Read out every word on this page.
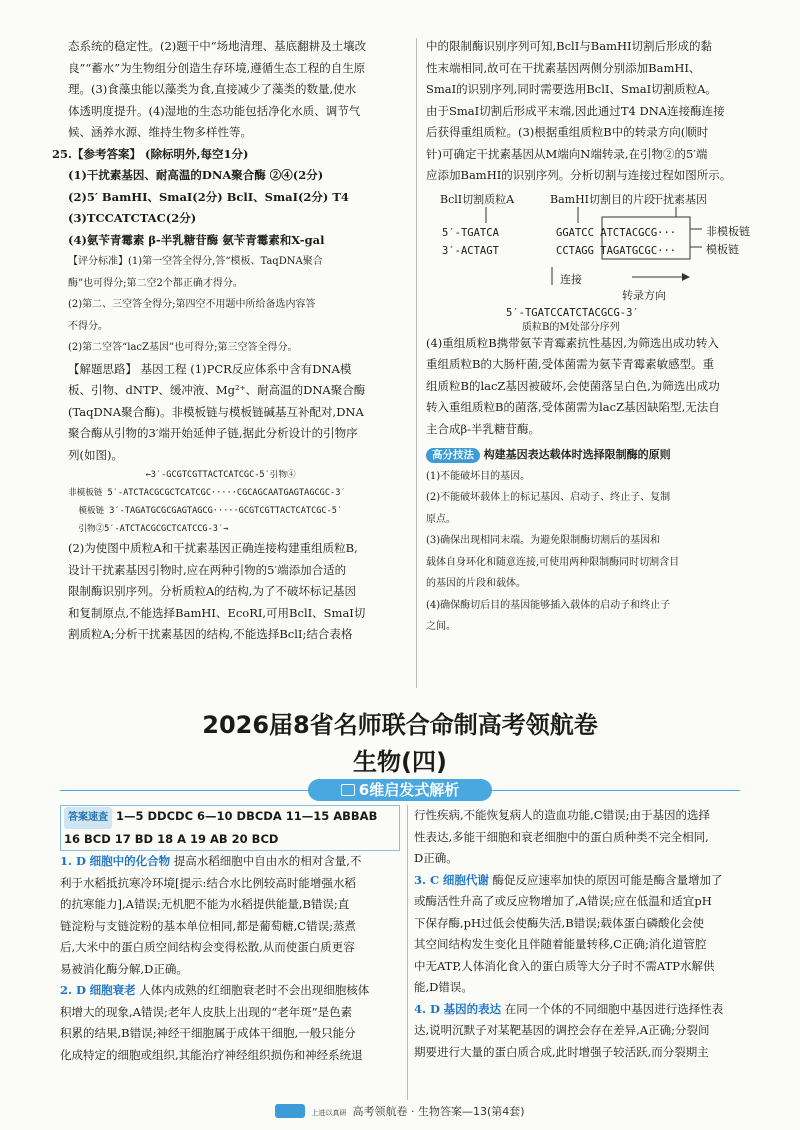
态系统的稳定性。(2)题干中“场地清理、基底翻耕及土壤改

良”“蓄水”为生物组分创造生存环境,遵循生态工程的自生原

理。(3)食藻虫能以藻类为食,直接减少了藻类的数量,使水

体透明度提升。(4)湿地的生态功能包括净化水质、调节气

候、涵养水源、维持生物多样性等。

25.【参考答案】 (除标明外,每空1分)

(1)干扰素基因、耐高温的DNA聚合酶 ②④(2分)

(2)5′ BamHⅠ、SmaⅠ(2分) BclⅠ、SmaⅠ(2分) T4

(3)TCCATCTAC(2分)

(4)氨苄青霉素 β-半乳糖苷酶 氨苄青霉素和X-gal

【评分标准】(1)第一空答全得分,答“模板、TaqDNA聚合

酶”也可得分;第二空2个都正确才得分。

(2)第二、三空答全得分;第四空不用题中所给备选内容答

不得分。

(2)第二空答“lacZ基因”也可得分;第三空答全得分。

【解题思路】 基因工程 (1)PCR反应体系中含有DNA模

板、引物、dNTP、缓冲液、Mg²⁺、耐高温的DNA聚合酶

(TaqDNA聚合酶)。非模板链与模板链碱基互补配对,DNA

聚合酶从引物的3′端开始延伸子链,据此分析设计的引物序

列(如图)。

←3′-GCGTCGTTACTCATCGC-5′引物④
非模板链 5′-ATCTACGCGCTCATCGC·····CGCAGCAATGAGTAGCGC-3′
模板链 3′-TAGATGCGCGAGTAGCG·····GCGTCGTTACTCATCGC-5′
引物②5′-ATCTACGCGCTCATCCG-3′→

(2)为使图中质粒A和干扰素基因正确连接构建重组质粒B,

设计干扰素基因引物时,应在两种引物的5′端添加合适的

限制酶识别序列。分析质粒A的结构,为了不破坏标记基因

和复制原点,不能选择BamHⅠ、EcoRⅠ,可用BclⅠ、SmaⅠ切

割质粒A;分析干扰素基因的结构,不能选择BclⅠ;结合表格

中的限制酶识别序列可知,BclⅠ与BamHⅠ切割后形成的黏

性末端相同,故可在干扰素基因两侧分别添加BamHⅠ、

SmaⅠ的识别序列,同时需要选用BclⅠ、SmaⅠ切割质粒A。

由于SmaⅠ切割后形成平末端,因此通过T4 DNA连接酶连接

后获得重组质粒。(3)根据重组质粒B中的转录方向(顺时

针)可确定干扰素基因从M端向N端转录,在引物②的5′端

应添加BamHⅠ的识别序列。分析切割与连接过程如图所示。

BclⅠ切割质粒A	BamHⅠ切割目的片段
干扰素基因
5′-TGATCA
3′-ACTAGT
GGATCC ATCTACGCG···
CCTAGG TAGATGCGC···
非模板链
模板链
连接
转录方向
5′-TGATCCATCTACGCG-3′
质粒B的M处部分序列

(4)重组质粒B携带氨苄青霉素抗性基因,为筛选出成功转入

重组质粒B的大肠杆菌,受体菌需为氨苄青霉素敏感型。重

组质粒B的lacZ基因被破坏,会使菌落呈白色,为筛选出成功

转入重组质粒B的菌落,受体菌需为lacZ基因缺陷型,无法自

主合成β-半乳糖苷酶。

高分技法 构建基因表达载体时选择限制酶的原则

(1)不能破坏目的基因。

(2)不能破坏载体上的标记基因、启动子、终止子、复制

原点。

(3)确保出现相同末端。为避免限制酶切割后的基因和

载体自身环化和随意连接,可使用两种限制酶同时切割含目

的基因的片段和载体。

(4)确保酶切后目的基因能够插入载体的启动子和终止子

之间。

2026届8省名师联合命制高考领航卷
生物(四)
6维启发式解析
答案速查 1—5 DDCDC 6—10 DBCDA 11—15 ABBAB
16 BCD 17 BD 18 A 19 AB 20 BCD

1. D 细胞中的化合物 提高水稻细胞中自由水的相对含量,不

利于水稻抵抗寒冷环境[提示:结合水比例较高时能增强水稻

的抗寒能力],A错误;无机肥不能为水稻提供能量,B错误;直

链淀粉与支链淀粉的基本单位相同,都是葡萄糖,C错误;蒸煮

后,大米中的蛋白质空间结构会变得松散,从而使蛋白质更容

易被消化酶分解,D正确。

2. D 细胞衰老 人体内成熟的红细胞衰老时不会出现细胞核体

积增大的现象,A错误;老年人皮肤上出现的“老年斑”是色素

积累的结果,B错误;神经干细胞属于成体干细胞,一般只能分

化成特定的细胞或组织,其能治疗神经组织损伤和神经系统退

行性疾病,不能恢复病人的造血功能,C错误;由于基因的选择

性表达,多能干细胞和衰老细胞中的蛋白质种类不完全相同,

D正确。

3. C 细胞代谢 酶促反应速率加快的原因可能是酶含量增加了

或酶活性升高了或反应物增加了,A错误;应在低温和适宜pH

下保存酶,pH过低会使酶失活,B错误;载体蛋白磷酸化会使

其空间结构发生变化且伴随着能量转移,C正确;消化道管腔

中无ATP,人体消化食入的蛋白质等大分子时不需ATP水解供

能,D错误。

4. D 基因的表达 在同一个体的不同细胞中基因进行选择性表

达,说明沉默子对某靶基因的调控会存在差异,A正确;分裂间

期要进行大量的蛋白质合成,此时增强子较活跃,而分裂期主

上进以真研 高考领航卷 · 生物答案—13(第4套)
